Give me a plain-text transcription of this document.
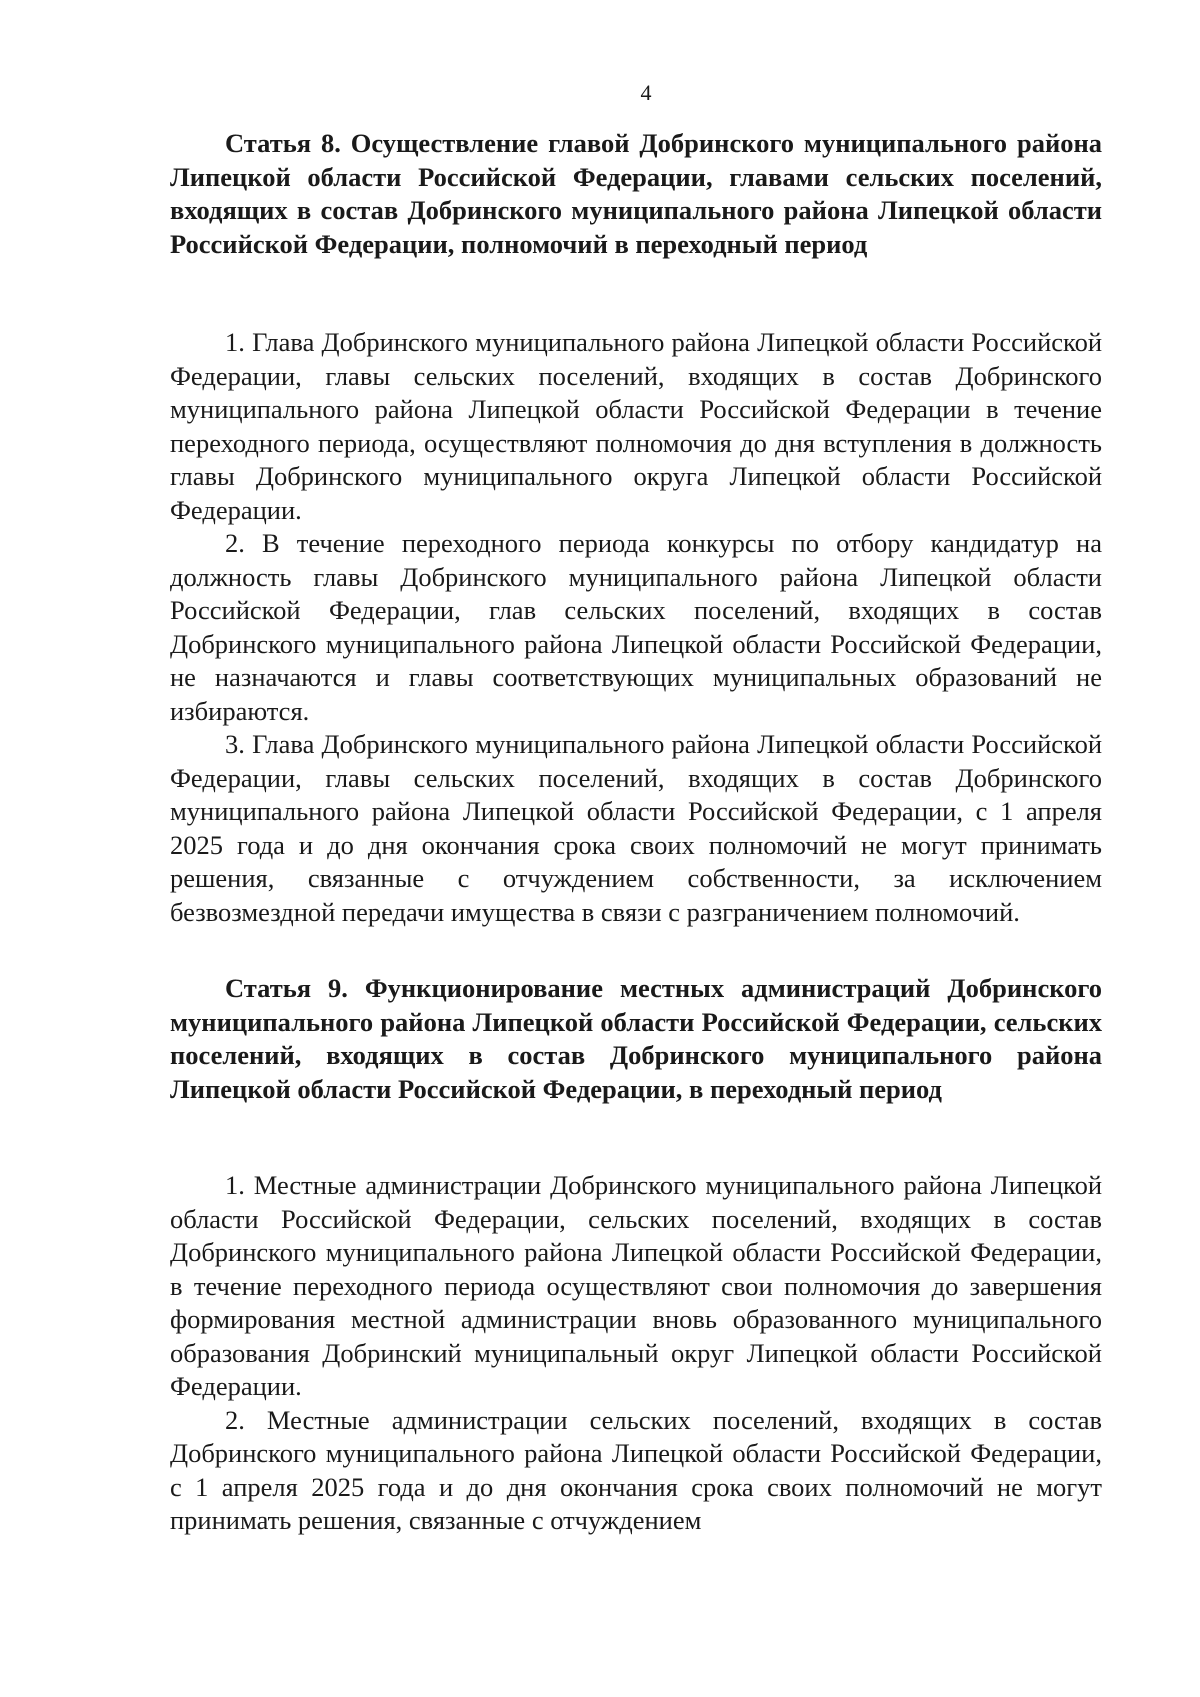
4

Статья 8. Осуществление главой Добринского муниципального района Липецкой области Российской Федерации, главами сельских поселений, входящих в состав Добринского муниципального района Липецкой области Российской Федерации, полномочий в переходный период

1. Глава Добринского муниципального района Липецкой области Российской Федерации, главы сельских поселений, входящих в состав Добринского муниципального района Липецкой области Российской Федерации в течение переходного периода, осуществляют полномочия до дня вступления в должность главы Добринского муниципального округа Липецкой области Российской Федерации.

2. В течение переходного периода конкурсы по отбору кандидатур на должность главы Добринского муниципального района Липецкой области Российской Федерации, глав сельских поселений, входящих в состав Добринского муниципального района Липецкой области Российской Федерации, не назначаются и главы соответствующих муниципальных образований не избираются.

3. Глава Добринского муниципального района Липецкой области Российской Федерации, главы сельских поселений, входящих в состав Добринского муниципального района Липецкой области Российской Федерации, с 1 апреля 2025 года и до дня окончания срока своих полномочий не могут принимать решения, связанные с отчуждением собственности, за исключением безвозмездной передачи имущества в связи с разграничением полномочий.

Статья 9. Функционирование местных администраций Добринского муниципального района Липецкой области Российской Федерации, сельских поселений, входящих в состав Добринского муниципального района Липецкой области Российской Федерации, в переходный период

1. Местные администрации Добринского муниципального района Липецкой области Российской Федерации, сельских поселений, входящих в состав Добринского муниципального района Липецкой области Российской Федерации, в течение переходного периода осуществляют свои полномочия до завершения формирования местной администрации вновь образованного муниципального образования Добринский муниципальный округ Липецкой области Российской Федерации.

2. Местные администрации сельских поселений, входящих в состав Добринского муниципального района Липецкой области Российской Федерации, с 1 апреля 2025 года и до дня окончания срока своих полномочий не могут принимать решения, связанные с отчуждением
